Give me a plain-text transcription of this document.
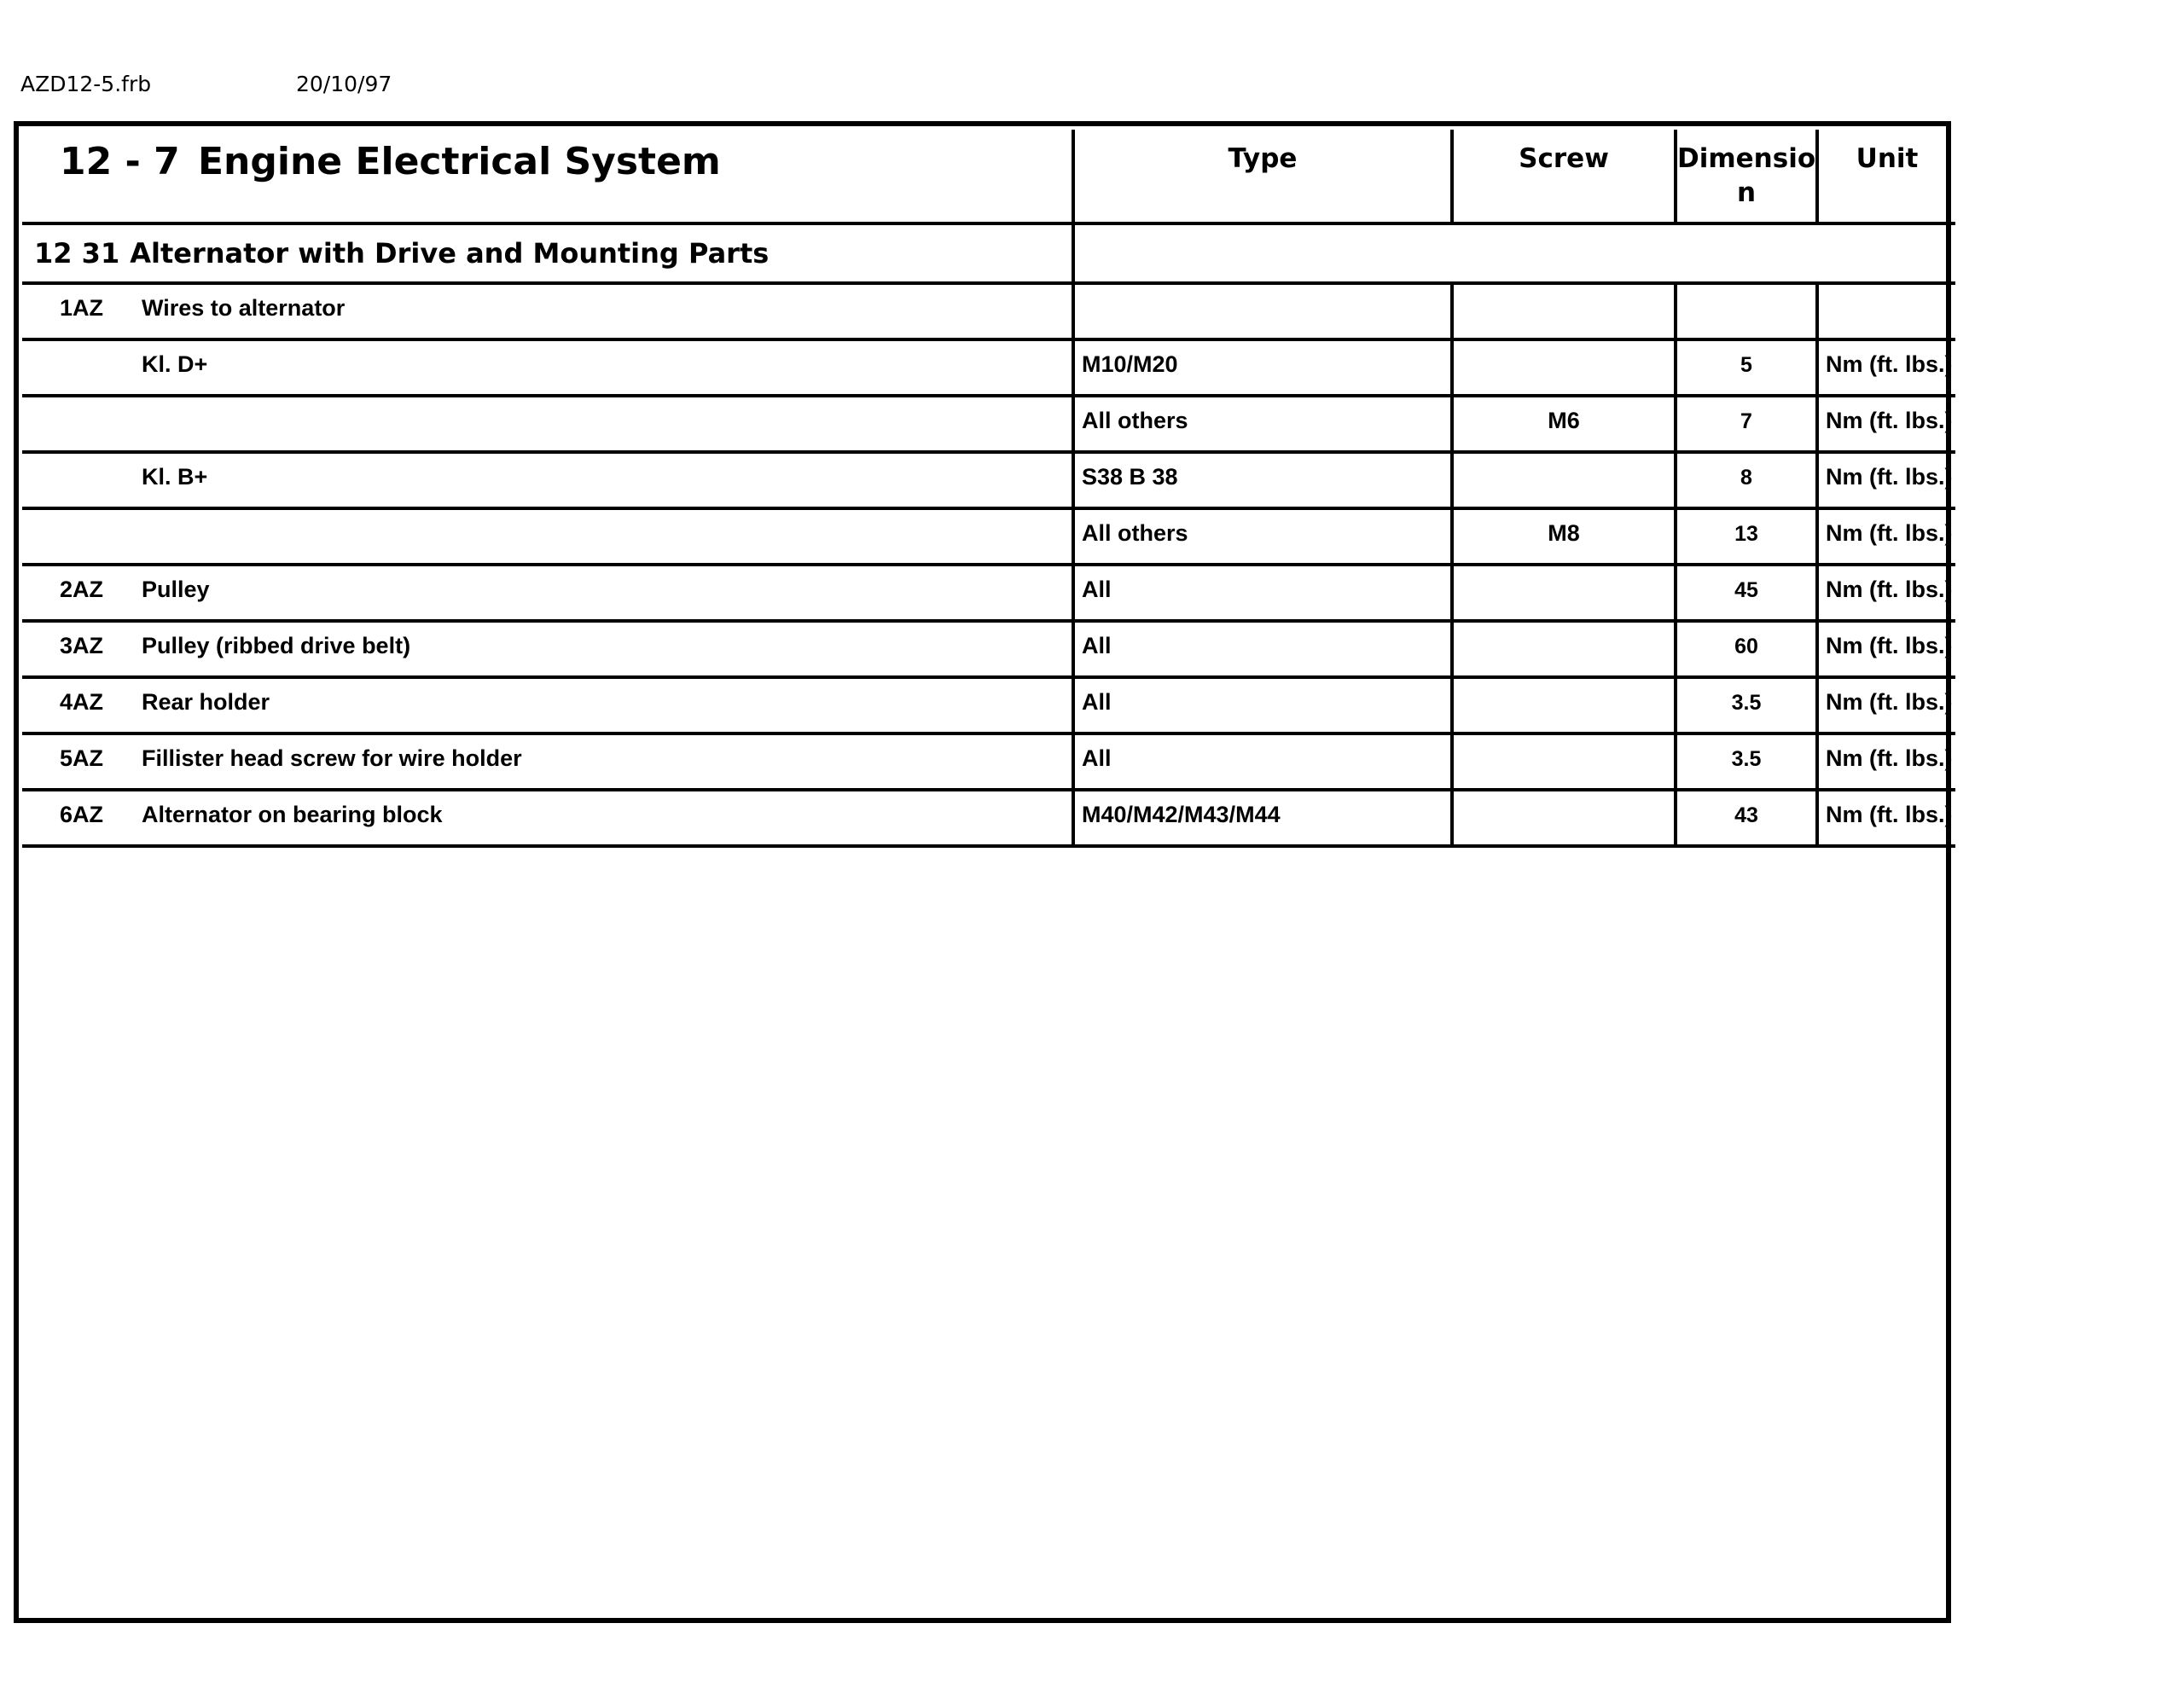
AZD12-5.frb	20/10/97
12 - 7 Engine Electrical System	Type	Screw	Dimensio n	Unit
12 31 Alternator with Drive and Mounting Parts				

1AZ Wires to alternator				

Kl. D+	M10/M20		5	Nm (ft. lbs.)

	All others	M6	7	Nm (ft. lbs.)

Kl. B+	S38 B 38		8	Nm (ft. lbs.)

	All others	M8	13	Nm (ft. lbs.)

2AZ Pulley	All		45	Nm (ft. lbs.)

3AZ Pulley (ribbed drive belt)	All		60	Nm (ft. lbs.)

4AZ Rear holder	All		3.5	Nm (ft. lbs.)

5AZ Fillister head screw for wire holder	All		3.5	Nm (ft. lbs.)

6AZ Alternator on bearing block	M40/M42/M43/M44		43	Nm (ft. lbs.)
